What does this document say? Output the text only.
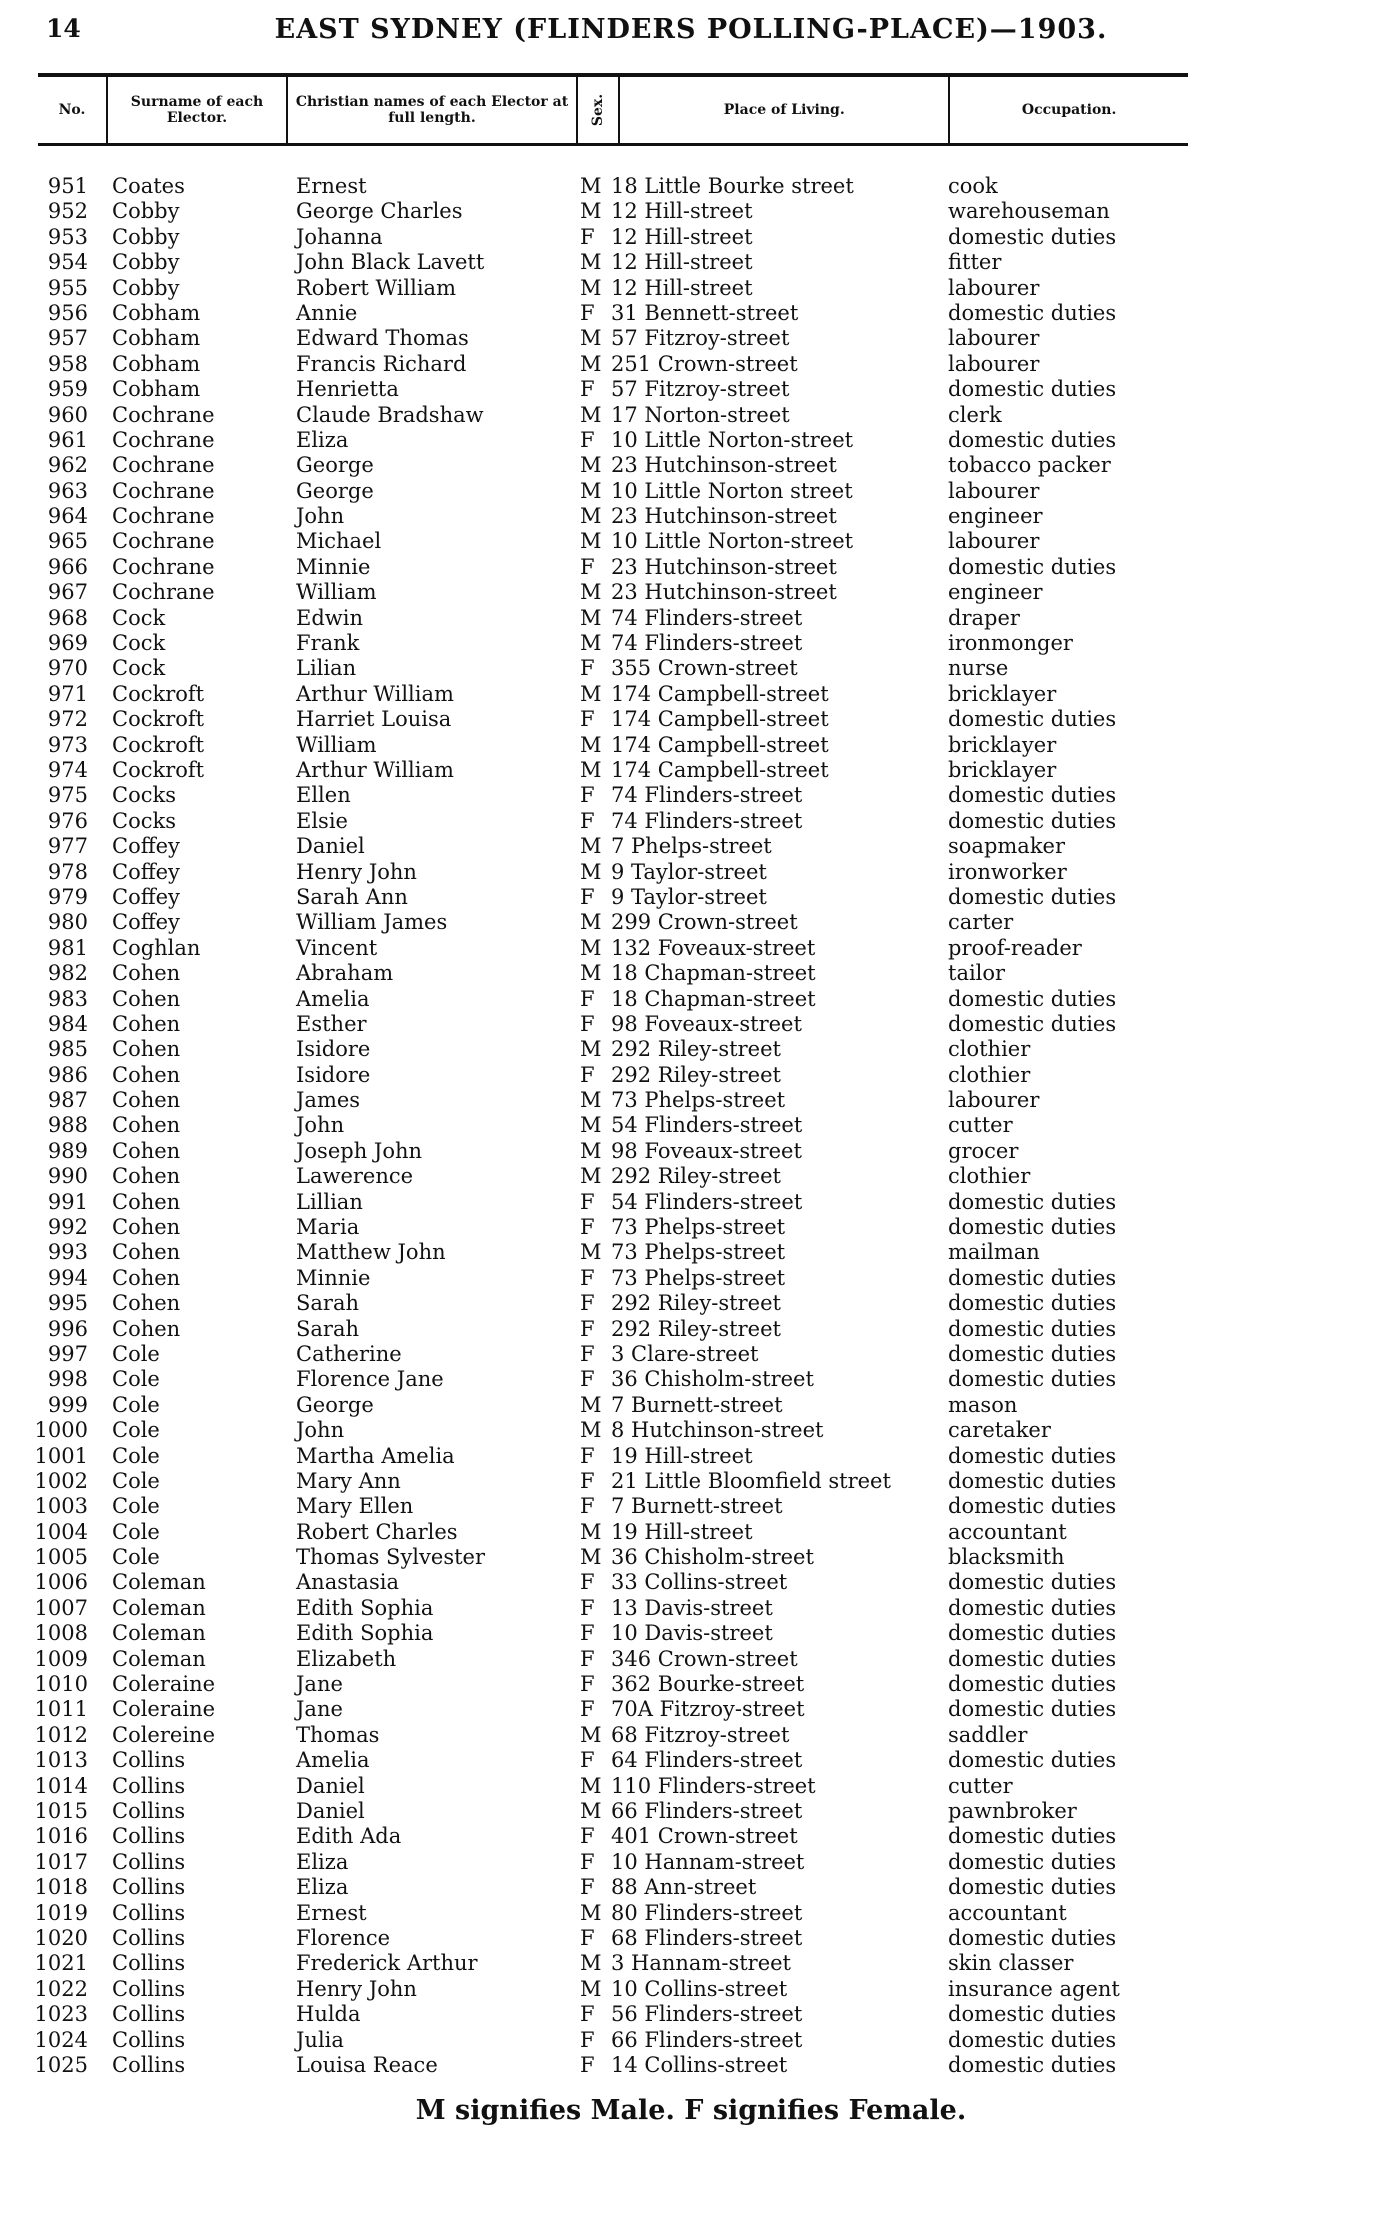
14	EAST SYDNEY (FLINDERS POLLING-PLACE)—1903.
No.	Surname of each Elector.	Christian names of each Elector at full length.	Sex.	Place of Living.	Occupation.
951 Coates	Ernest	M 18 Little Bourke street	cook
952 Cobby	George Charles	M 12 Hill-street	warehouseman
953 Cobby	Johanna	F 12 Hill-street	domestic duties
954 Cobby	John Black Lavett	M 12 Hill-street	fitter
955 Cobby	Robert William	M 12 Hill-street	labourer
956 Cobham	Annie	F 31 Bennett-street	domestic duties
957 Cobham	Edward Thomas	M 57 Fitzroy-street	labourer
958 Cobham	Francis Richard	M 251 Crown-street	labourer
959 Cobham	Henrietta	F 57 Fitzroy-street	domestic duties
960 Cochrane	Claude Bradshaw	M 17 Norton-street	clerk
961 Cochrane	Eliza	F 10 Little Norton-street	domestic duties
962 Cochrane	George	M 23 Hutchinson-street	tobacco packer
963 Cochrane	George	M 10 Little Norton street	labourer
964 Cochrane	John	M 23 Hutchinson-street	engineer
965 Cochrane	Michael	M 10 Little Norton-street	labourer
966 Cochrane	Minnie	F 23 Hutchinson-street	domestic duties
967 Cochrane	William	M 23 Hutchinson-street	engineer
968 Cock	Edwin	M 74 Flinders-street	draper
969 Cock	Frank	M 74 Flinders-street	ironmonger
970 Cock	Lilian	F 355 Crown-street	nurse
971 Cockroft	Arthur William	M 174 Campbell-street	bricklayer
972 Cockroft	Harriet Louisa	F 174 Campbell-street	domestic duties
973 Cockroft	William	M 174 Campbell-street	bricklayer
974 Cockroft	Arthur William	M 174 Campbell-street	bricklayer
975 Cocks	Ellen	F 74 Flinders-street	domestic duties
976 Cocks	Elsie	F 74 Flinders-street	domestic duties
977 Coffey	Daniel	M 7 Phelps-street	soapmaker
978 Coffey	Henry John	M 9 Taylor-street	ironworker
979 Coffey	Sarah Ann	F 9 Taylor-street	domestic duties
980 Coffey	William James	M 299 Crown-street	carter
981 Coghlan	Vincent	M 132 Foveaux-street	proof-reader
982 Cohen	Abraham	M 18 Chapman-street	tailor
983 Cohen	Amelia	F 18 Chapman-street	domestic duties
984 Cohen	Esther	F 98 Foveaux-street	domestic duties
985 Cohen	Isidore	M 292 Riley-street	clothier
986 Cohen	Isidore	F 292 Riley-street	clothier
987 Cohen	James	M 73 Phelps-street	labourer
988 Cohen	John	M 54 Flinders-street	cutter
989 Cohen	Joseph John	M 98 Foveaux-street	grocer
990 Cohen	Lawerence	M 292 Riley-street	clothier
991 Cohen	Lillian	F 54 Flinders-street	domestic duties
992 Cohen	Maria	F 73 Phelps-street	domestic duties
993 Cohen	Matthew John	M 73 Phelps-street	mailman
994 Cohen	Minnie	F 73 Phelps-street	domestic duties
995 Cohen	Sarah	F 292 Riley-street	domestic duties
996 Cohen	Sarah	F 292 Riley-street	domestic duties
997 Cole	Catherine	F 3 Clare-street	domestic duties
998 Cole	Florence Jane	F 36 Chisholm-street	domestic duties
999 Cole	George	M 7 Burnett-street	mason
1000 Cole	John	M 8 Hutchinson-street	caretaker
1001 Cole	Martha Amelia	F 19 Hill-street	domestic duties
1002 Cole	Mary Ann	F 21 Little Bloomfield street	domestic duties
1003 Cole	Mary Ellen	F 7 Burnett-street	domestic duties
1004 Cole	Robert Charles	M 19 Hill-street	accountant
1005 Cole	Thomas Sylvester	M 36 Chisholm-street	blacksmith
1006 Coleman	Anastasia	F 33 Collins-street	domestic duties
1007 Coleman	Edith Sophia	F 13 Davis-street	domestic duties
1008 Coleman	Edith Sophia	F 10 Davis-street	domestic duties
1009 Coleman	Elizabeth	F 346 Crown-street	domestic duties
1010 Coleraine	Jane	F 362 Bourke-street	domestic duties
1011 Coleraine	Jane	F 70A Fitzroy-street	domestic duties
1012 Colereine	Thomas	M 68 Fitzroy-street	saddler
1013 Collins	Amelia	F 64 Flinders-street	domestic duties
1014 Collins	Daniel	M 110 Flinders-street	cutter
1015 Collins	Daniel	M 66 Flinders-street	pawnbroker
1016 Collins	Edith Ada	F 401 Crown-street	domestic duties
1017 Collins	Eliza	F 10 Hannam-street	domestic duties
1018 Collins	Eliza	F 88 Ann-street	domestic duties
1019 Collins	Ernest	M 80 Flinders-street	accountant
1020 Collins	Florence	F 68 Flinders-street	domestic duties
1021 Collins	Frederick Arthur	M 3 Hannam-street	skin classer
1022 Collins	Henry John	M 10 Collins-street	insurance agent
1023 Collins	Hulda	F 56 Flinders-street	domestic duties
1024 Collins	Julia	F 66 Flinders-street	domestic duties
1025 Collins	Louisa Reace	F 14 Collins-street	domestic duties
M signifies Male. F signifies Female.
